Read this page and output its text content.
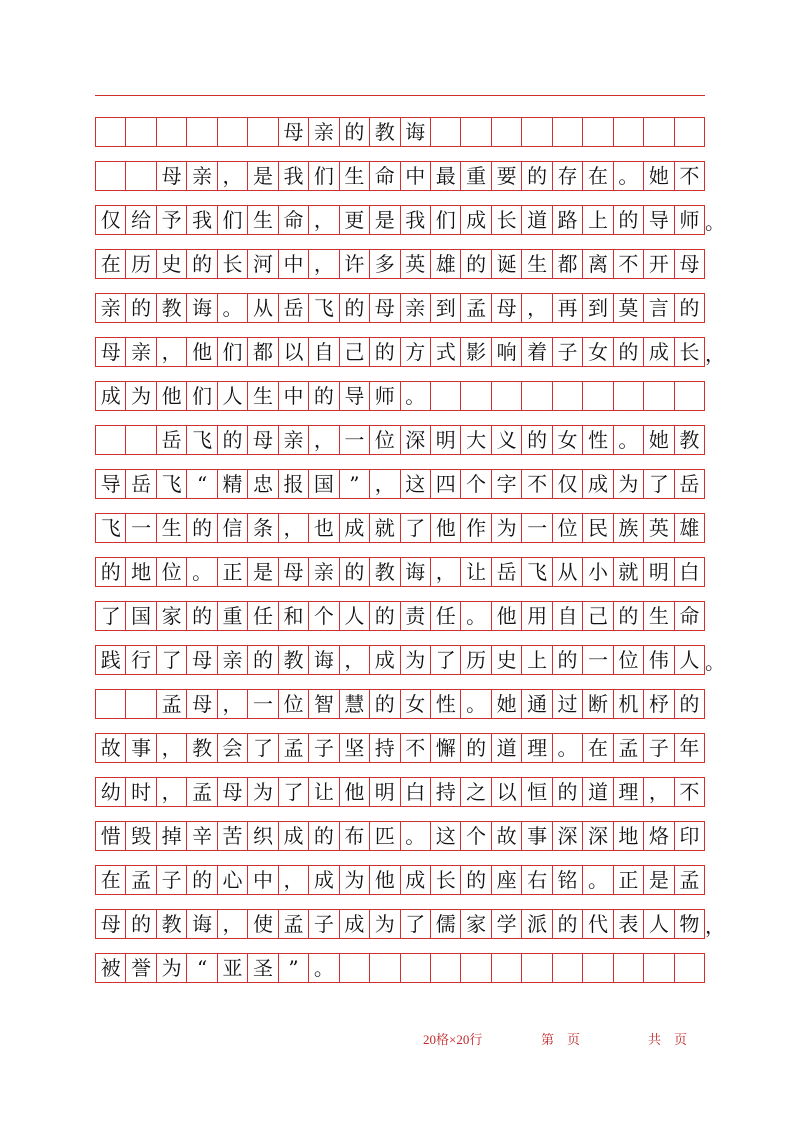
母 亲 的 教 诲
母 亲 ， 是 我 们 生 命 中 最 重 要 的 存 在 。 她 不
仅 给 予 我 们 生 命 ， 更 是 我 们 成 长 道 路 上 的 导 师 。
在 历 史 的 长 河 中 ， 许 多 英 雄 的 诞 生 都 离 不 开 母
亲 的 教 诲 。 从 岳 飞 的 母 亲 到 孟 母 ， 再 到 莫 言 的
母 亲 ， 他 们 都 以 自 己 的 方 式 影 响 着 子 女 的 成 长 ，
成 为 他 们 人 生 中 的 导 师 。
岳 飞 的 母 亲 ， 一 位 深 明 大 义 的 女 性 。 她 教
导 岳 飞 “ 精 忠 报 国 ” ， 这 四 个 字 不 仅 成 为 了 岳
飞 一 生 的 信 条 ， 也 成 就 了 他 作 为 一 位 民 族 英 雄
的 地 位 。 正 是 母 亲 的 教 诲 ， 让 岳 飞 从 小 就 明 白
了 国 家 的 重 任 和 个 人 的 责 任 。 他 用 自 己 的 生 命
践 行 了 母 亲 的 教 诲 ， 成 为 了 历 史 上 的 一 位 伟 人 。
孟 母 ， 一 位 智 慧 的 女 性 。 她 通 过 断 机 杼 的
故 事 ， 教 会 了 孟 子 坚 持 不 懈 的 道 理 。 在 孟 子 年
幼 时 ， 孟 母 为 了 让 他 明 白 持 之 以 恒 的 道 理 ， 不
惜 毁 掉 辛 苦 织 成 的 布 匹 。 这 个 故 事 深 深 地 烙 印
在 孟 子 的 心 中 ， 成 为 他 成 长 的 座 右 铭 。 正 是 孟
母 的 教 诲 ， 使 孟 子 成 为 了 儒 家 学 派 的 代 表 人 物 ，
被 誉 为 “ 亚 圣 ” 。
20格×20行	第　页	共　页
